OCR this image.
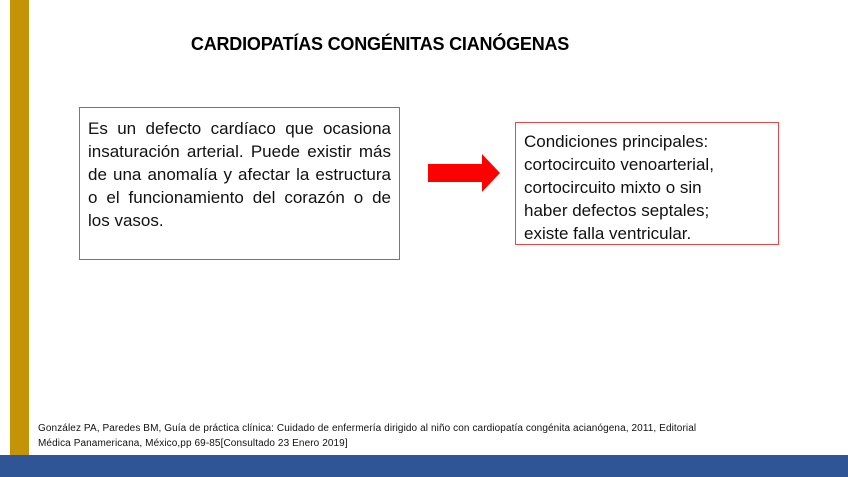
CARDIOPATÍAS CONGÉNITAS CIANÓGENAS
Es un defecto cardíaco que ocasiona insaturación arterial. Puede existir más de una anomalía y afectar la estructura o el funcionamiento del corazón o de los vasos.
Condiciones principales:
cortocircuito venoarterial,
cortocircuito mixto o sin
haber defectos septales;
existe falla ventricular.
González PA, Paredes BM, Guía de práctica clínica: Cuidado de enfermería dirigido al niño con cardiopatía congénita acianógena, 2011, Editorial
Médica Panamericana, México,pp 69-85[Consultado 23 Enero 2019]
